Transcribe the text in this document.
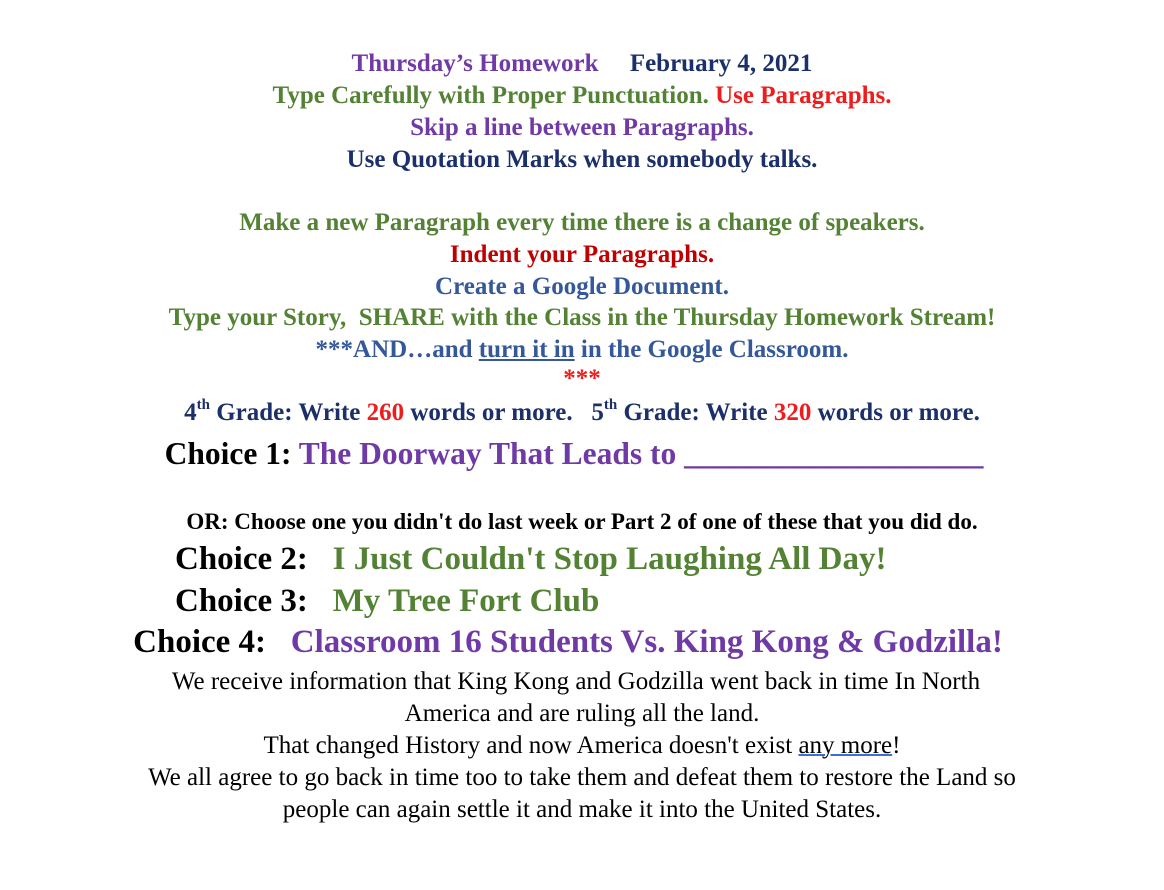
Thursday’s Homework February 4, 2021
Type Carefully with Proper Punctuation. Use Paragraphs.
Skip a line between Paragraphs.
Use Quotation Marks when somebody talks.
Make a new Paragraph every time there is a change of speakers.
Indent your Paragraphs.
Create a Google Document.
Type your Story,  SHARE with the Class in the Thursday Homework Stream!
***AND…and turn it in in the Google Classroom.
***
4th Grade: Write 260 words or more.   5th Grade: Write 320 words or more.
Choice 1: The Doorway That Leads to ___________________
OR: Choose one you didn't do last week or Part 2 of one of these that you did do.
Choice 2:   I Just Couldn't Stop Laughing All Day!
Choice 3:   My Tree Fort Club
Choice 4:   Classroom 16 Students Vs. King Kong & Godzilla!
We receive information that King Kong and Godzilla went back in time In North
America and are ruling all the land.
That changed History and now America doesn't exist any more!
We all agree to go back in time too to take them and defeat them to restore the Land so
people can again settle it and make it into the United States.
